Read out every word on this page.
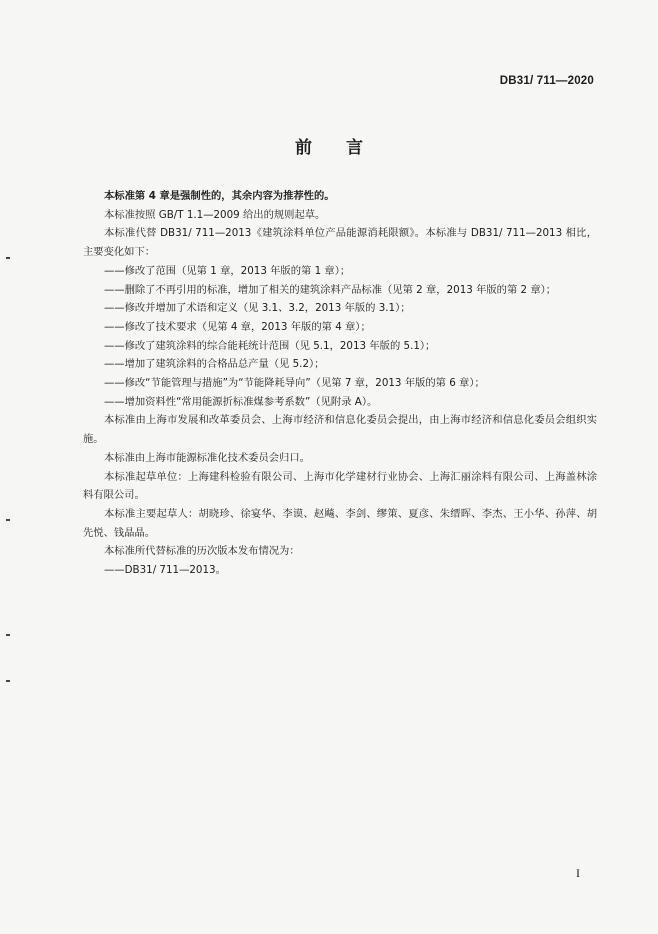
DB31/ 711—2020
前 言

本标准第 4 章是强制性的，其余内容为推荐性的。

本标准按照 GB/T 1.1—2009 给出的规则起草。

本标准代替 DB31/ 711—2013《建筑涂料单位产品能源消耗限额》。本标准与 DB31/ 711—2013 相比，主要变化如下：

——修改了范围（见第 1 章，2013 年版的第 1 章）；

——删除了不再引用的标准，增加了相关的建筑涂料产品标准（见第 2 章，2013 年版的第 2 章）；

——修改并增加了术语和定义（见 3.1、3.2，2013 年版的 3.1）；

——修改了技术要求（见第 4 章，2013 年版的第 4 章）；

——修改了建筑涂料的综合能耗统计范围（见 5.1，2013 年版的 5.1）；

——增加了建筑涂料的合格品总产量（见 5.2）；

——修改“节能管理与措施”为“节能降耗导向”（见第 7 章，2013 年版的第 6 章）；

——增加资料性“常用能源折标准煤参考系数”（见附录 A）。

本标准由上海市发展和改革委员会、上海市经济和信息化委员会提出，由上海市经济和信息化委员会组织实施。

本标准由上海市能源标准化技术委员会归口。

本标准起草单位：上海建科检验有限公司、上海市化学建材行业协会、上海汇丽涂料有限公司、上海盖林涂料有限公司。

本标准主要起草人：胡晓珍、徐宴华、李谟、赵飚、李剑、缪策、夏彦、朱缙晖、李杰、王小华、孙萍、胡先悦、钱晶晶。

本标准所代替标准的历次版本发布情况为：

——DB31/ 711—2013。

I
